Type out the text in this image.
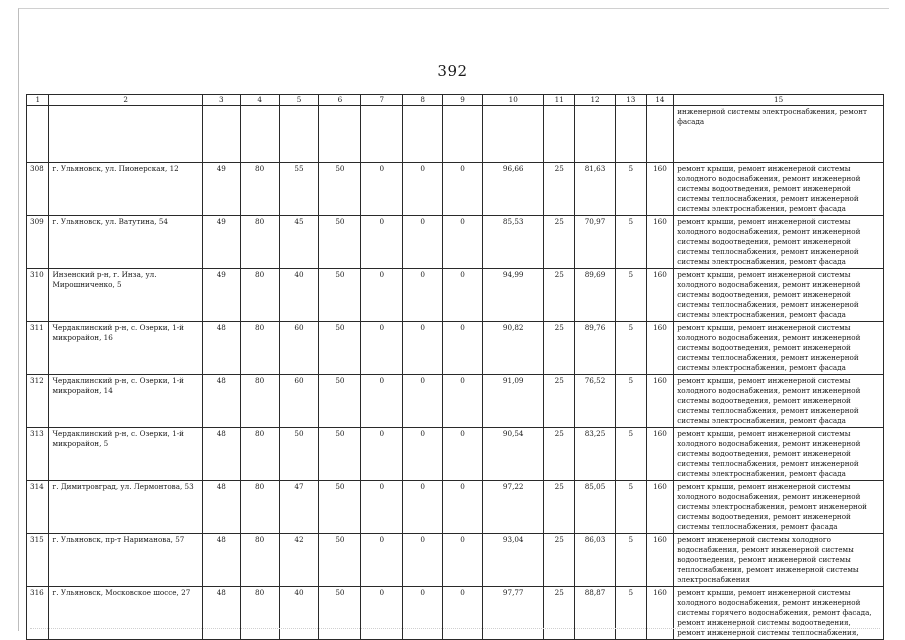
392
1	2	3	4	5	6	7	8	9	10	11	12	13	14	15
														инженерной системы электроснабжения, ремонт фасада
308	г. Ульяновск, ул. Пионерская, 12	49	80	55	50	0	0	0	96,66	25	81,63	5	160	ремонт крыши, ремонт инженерной системы холодного водоснабжения, ремонт инженерной системы водоотведения, ремонт инженерной системы теплоснабжения, ремонт инженерной системы электроснабжения, ремонт фасада
309	г. Ульяновск, ул. Ватутина, 54	49	80	45	50	0	0	0	85,53	25	70,97	5	160	ремонт крыши, ремонт инженерной системы холодного водоснабжения, ремонт инженерной системы водоотведения, ремонт инженерной системы теплоснабжения, ремонт инженерной системы электроснабжения, ремонт фасада
310	Инзенский р-н, г. Инза, ул. Мирошниченко, 5	49	80	40	50	0	0	0	94,99	25	89,69	5	160	ремонт крыши, ремонт инженерной системы холодного водоснабжения, ремонт инженерной системы водоотведения, ремонт инженерной системы теплоснабжения, ремонт инженерной системы электроснабжения, ремонт фасада
311	Чердаклинский р-н, с. Озерки, 1-й микрорайон, 16	48	80	60	50	0	0	0	90,82	25	89,76	5	160	ремонт крыши, ремонт инженерной системы холодного водоснабжения, ремонт инженерной системы водоотведения, ремонт инженерной системы теплоснабжения, ремонт инженерной системы электроснабжения, ремонт фасада
312	Чердаклинский р-н, с. Озерки, 1-й микрорайон, 14	48	80	60	50	0	0	0	91,09	25	76,52	5	160	ремонт крыши, ремонт инженерной системы холодного водоснабжения, ремонт инженерной системы водоотведения, ремонт инженерной системы теплоснабжения, ремонт инженерной системы электроснабжения, ремонт фасада
313	Чердаклинский р-н, с. Озерки, 1-й микрорайон, 5	48	80	50	50	0	0	0	90,54	25	83,25	5	160	ремонт крыши, ремонт инженерной системы холодного водоснабжения, ремонт инженерной системы водоотведения, ремонт инженерной системы теплоснабжения, ремонт инженерной системы электроснабжения, ремонт фасада
314	г. Димитровград, ул. Лермонтова, 53	48	80	47	50	0	0	0	97,22	25	85,05	5	160	ремонт крыши, ремонт инженерной системы холодного водоснабжения, ремонт инженерной системы электроснабжения, ремонт инженерной системы водоотведения, ремонт инженерной системы теплоснабжения, ремонт фасада
315	г. Ульяновск, пр-т Нариманова, 57	48	80	42	50	0	0	0	93,04	25	86,03	5	160	ремонт инженерной системы холодного водоснабжения, ремонт инженерной системы водоотведения, ремонт инженерной системы теплоснабжения, ремонт инженерной системы электроснабжения
316	г. Ульяновск, Московское шоссе, 27	48	80	40	50	0	0	0	97,77	25	88,87	5	160	ремонт крыши, ремонт инженерной системы холодного водоснабжения, ремонт инженерной системы горячего водоснабжения, ремонт фасада, ремонт инженерной системы водоотведения, ремонт инженерной системы теплоснабжения,
